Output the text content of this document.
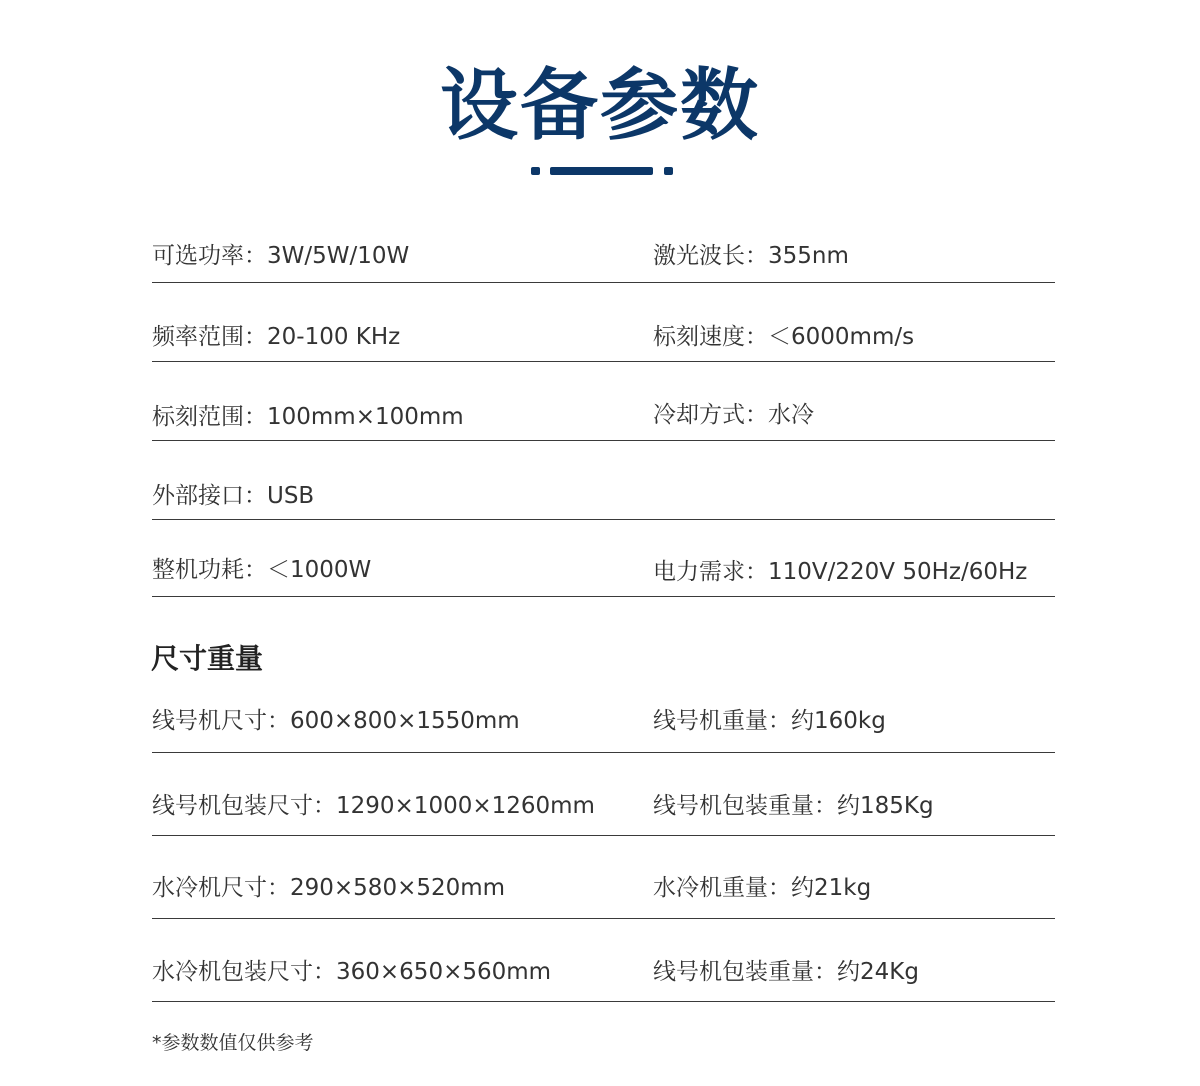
设备参数
可选功率：3W/5W/10W	激光波长：355nm
频率范围：20-100 KHz	标刻速度：＜6000mm/s
标刻范围：100mm×100mm	冷却方式：水冷
外部接口：USB
整机功耗：＜1000W	电力需求：110V/220V 50Hz/60Hz
尺寸重量
线号机尺寸：600×800×1550mm	线号机重量：约160kg
线号机包装尺寸：1290×1000×1260mm	线号机包装重量：约185Kg
水冷机尺寸：290×580×520mm	水冷机重量：约21kg
水冷机包装尺寸：360×650×560mm	线号机包装重量：约24Kg
*参数数值仅供参考
